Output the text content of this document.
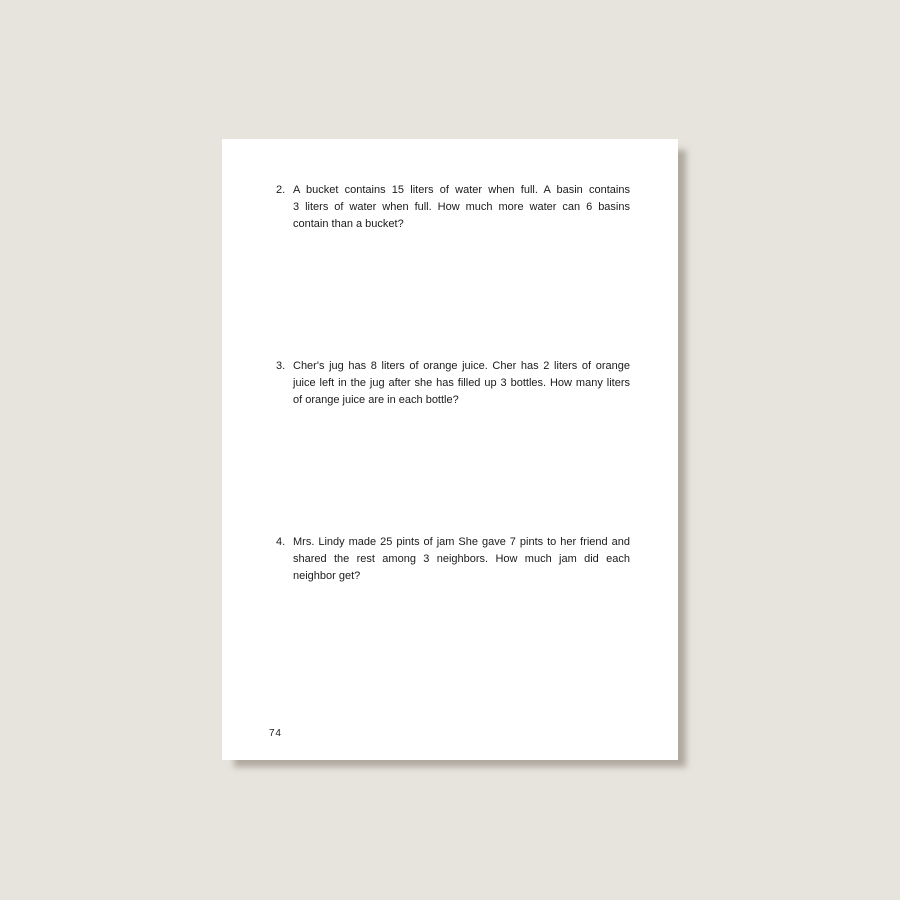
2. A bucket contains 15 liters of water when full. A basin contains
3 liters of water when full. How much more water can 6 basins
contain than a bucket?
3. Cher's jug has 8 liters of orange juice. Cher has 2 liters of orange
juice left in the jug after she has filled up 3 bottles. How many liters
of orange juice are in each bottle?
4. Mrs. Lindy made 25 pints of jam She gave 7 pints to her friend and
shared the rest among 3 neighbors. How much jam did each
neighbor get?
74
